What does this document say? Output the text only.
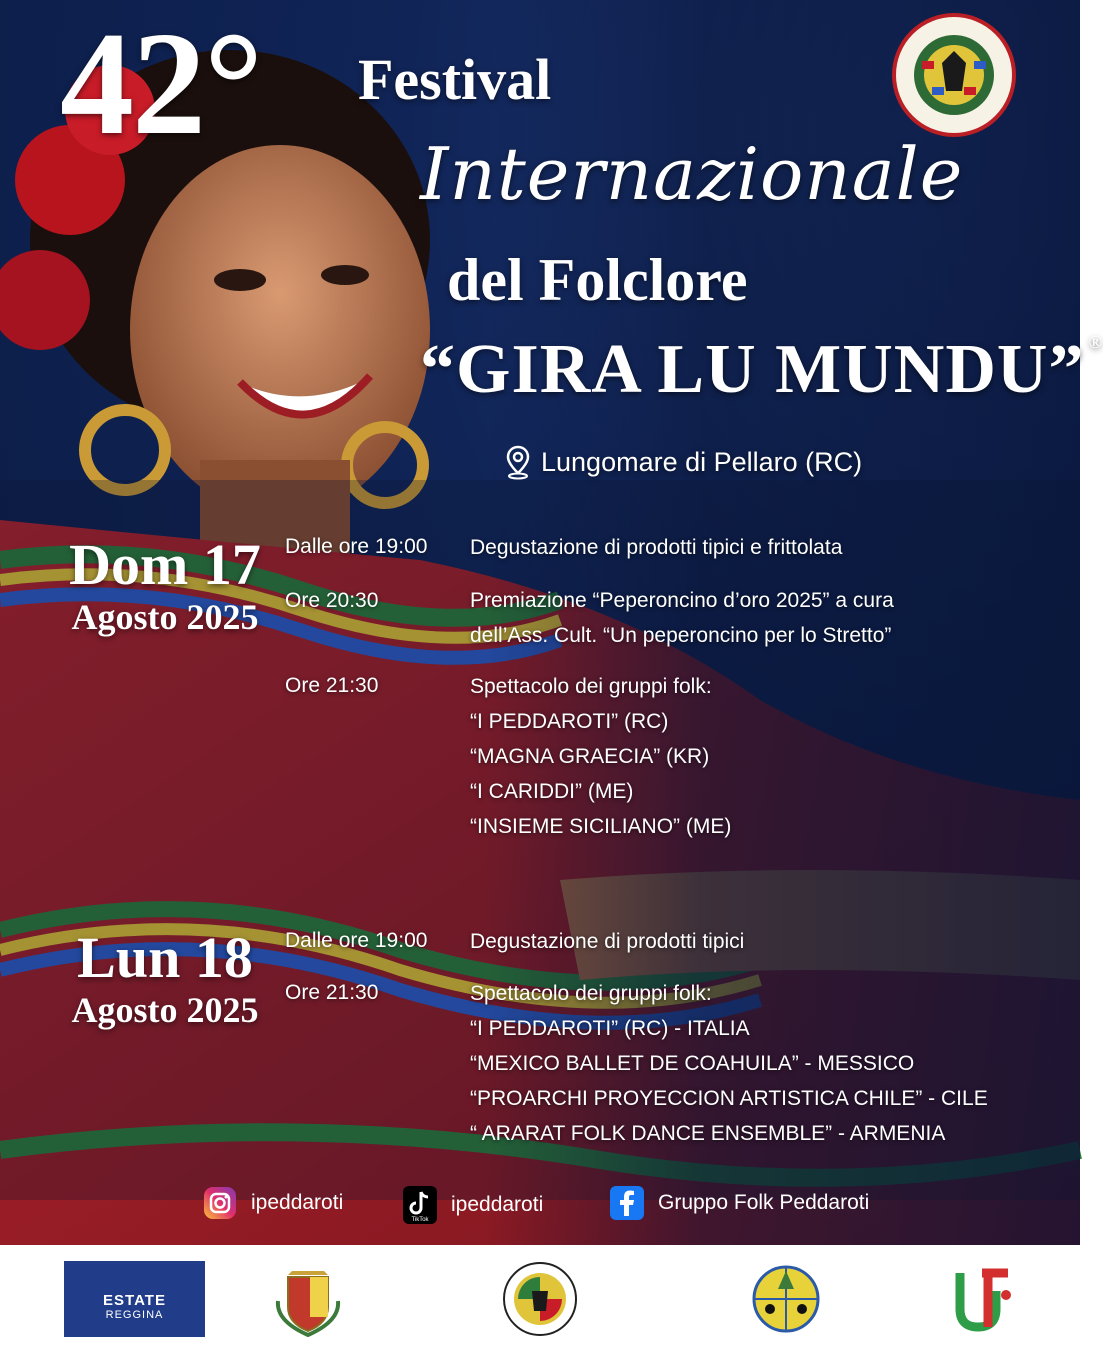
42° Festival
Internazionale
del Folclore
“GIRA LU MUNDU” ®
Lungomare di Pellaro (RC)
Dom 17
Agosto 2025
Dalle ore 19:00	Degustazione di prodotti tipici e frittolata
Ore 20:30	Premiazione “Peperoncino d’oro 2025” a cura
dell’Ass. Cult. “Un peperoncino per lo Stretto”
Ore 21:30	Spettacolo dei gruppi folk:
“I PEDDAROTI” (RC)
“MAGNA GRAECIA” (KR)
“I CARIDDI” (ME)
“INSIEME SICILIANO” (ME)
Lun 18
Agosto 2025
Dalle ore 19:00	Degustazione di prodotti tipici
Ore 21:30	Spettacolo dei gruppi folk:
“I PEDDAROTI” (RC) - ITALIA
“MEXICO BALLET DE COAHUILA” - MESSICO
“PROARCHI PROYECCION ARTISTICA CHILE” - CILE
“ ARARAT FOLK DANCE ENSEMBLE” - ARMENIA
ipeddaroti
TikTok
ipeddaroti	Gruppo Folk Peddaroti
ESTATE
REGGINA
